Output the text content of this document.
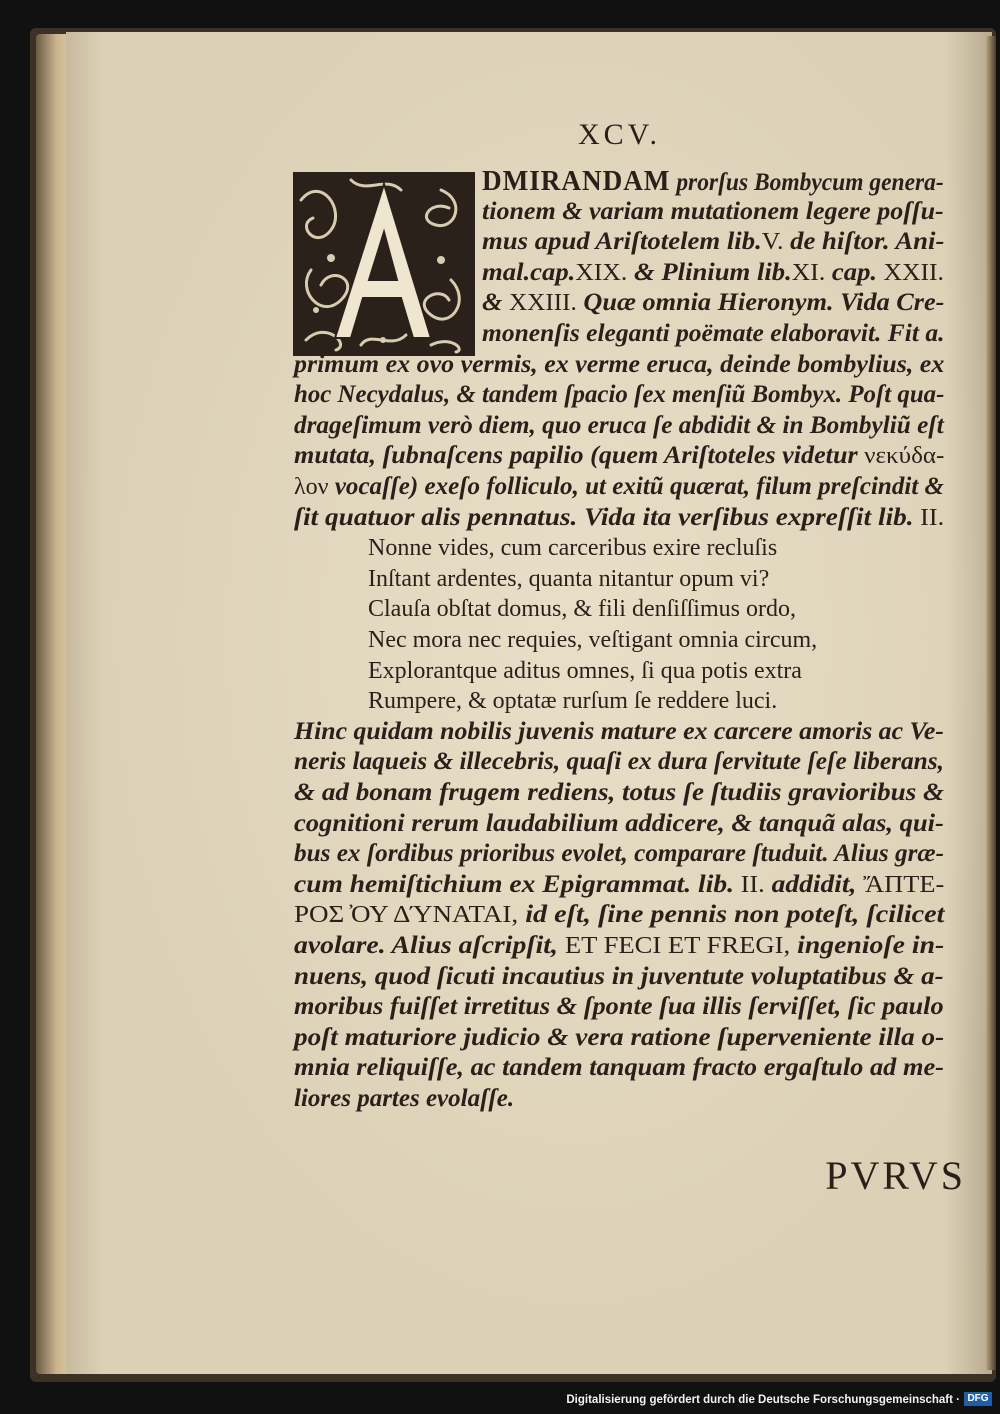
XCV.
A	DMIRANDAM prorſus Bombycum genera-
tionem & variam mutationem legere poſſu-
mus apud Ariſtotelem lib.V. de hiſtor. Ani-
mal.cap.XIX. & Plinium lib.XI. cap. XXII.
& XXIII. Quæ omnia Hieronym. Vida Cre-
monenſis eleganti poëmate elaboravit. Fit a.
primum ex ovo vermis, ex verme eruca, deinde bombylius, ex
hoc Necydalus, & tandem ſpacio ſex menſiũ Bombyx. Poſt qua-
drageſimum verò diem, quo eruca ſe abdidit & in Bombyliũ eſt
mutata, ſubnaſcens papilio (quem Ariſtoteles videtur νεκύδα-
λον vocaſſe) exeſo folliculo, ut exitũ quærat, filum preſcindit &
ſit quatuor alis pennatus. Vida ita verſibus expreſſit lib. II.
Nonne vides, cum carceribus exire recluſis
Inſtant ardentes, quanta nitantur opum vi?
Clauſa obſtat domus, & fili denſiſſimus ordo,
Nec mora nec requies, veſtigant omnia circum,
Explorantque aditus omnes, ſi qua potis extra
Rumpere, & optatæ rurſum ſe reddere luci.
Hinc quidam nobilis juvenis mature ex carcere amoris ac Ve-
neris laqueis & illecebris, quaſi ex dura ſervitute ſeſe liberans,
& ad bonam frugem rediens, totus ſe ſtudiis gravioribus &
cognitioni rerum laudabilium addicere, & tanquã alas, qui-
bus ex ſordibus prioribus evolet, comparare ſtuduit. Alius græ-
cum hemiſtichium ex Epigrammat. lib. II. addidit, ἌΠΤΕ-
ΡΟΣ ̓ΟΥ ΔΎΝΑΤΑΙ, id eſt, ſine pennis non poteſt, ſcilicet
avolare. Alius aſcripſit, ET FECI ET FREGI, ingenioſe in-
nuens, quod ſicuti incautius in juventute voluptatibus & a-
moribus fuiſſet irretitus & ſponte ſua illis ſerviſſet, ſic paulo
poſt maturiore judicio & vera ratione ſuperveniente illa o-
mnia reliquiſſe, ac tandem tanquam fracto ergaſtulo ad me-
liores partes evolaſſe.
PVRVS
Digitalisierung gefördert durch die Deutsche Forschungsgemeinschaft · DFG
